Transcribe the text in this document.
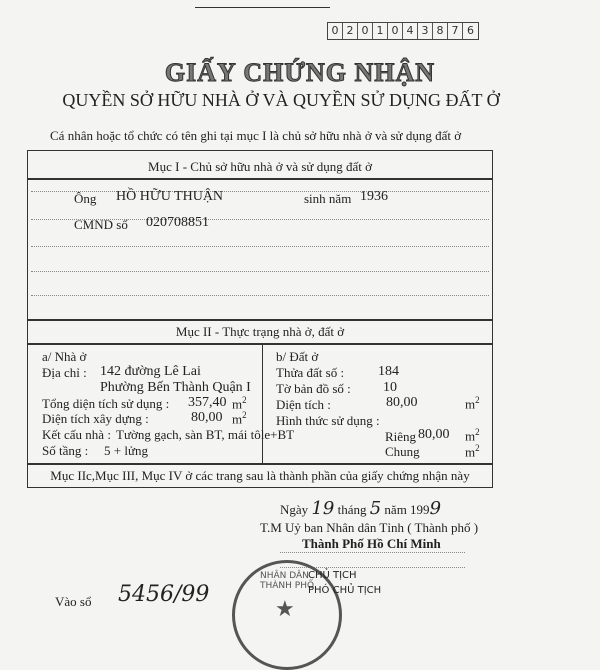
0 2 0 1 0 4 3 8 7 6
GIẤY CHỨNG NHẬN
QUYỀN SỞ HỮU NHÀ Ở VÀ QUYỀN SỬ DỤNG ĐẤT Ở
Cá nhân hoặc tổ chức có tên ghi tại mục I là chủ sở hữu nhà ở và sử dụng đất ở
Mục I - Chủ sở hữu nhà ở và sử dụng đất ở
Ông HỒ HỮU THUẬN	sinh năm 1936
CMND số 020708851
Mục II - Thực trạng nhà ở, đất ở
a/ Nhà ở
Địa chỉ : 142 đường Lê Lai
Phường Bến Thành Quận I
Tổng diện tích sử dụng : 357,40 $m^2$
Diện tích xây dựng :	80,00 $m^2$
Kết cấu nhà : Tường gạch, sàn BT, mái tôle+BT
Số tầng : 5 + lửng
b/ Đất ở
Thửa đất số : 184
Tờ bản đồ số : 10
Diện tích :	80,00	$m^2$
Hình thức sử dụng :
Riêng 80,00 $m^2$
Chung	$m^2$
Mục IIc,Mục III, Mục IV ở các trang sau là thành phần của giấy chứng nhận này
Ngày 19 tháng 5 năm 1999
T.M Uỷ ban Nhân dân Tỉnh ( Thành phố )
Thành Phố Hồ Chí Minh
NHÂN DÂN THÀNH PHỐ
★
CHỦ TỊCH
PHÓ CHỦ TỊCH
Vào sổ 5456/99
